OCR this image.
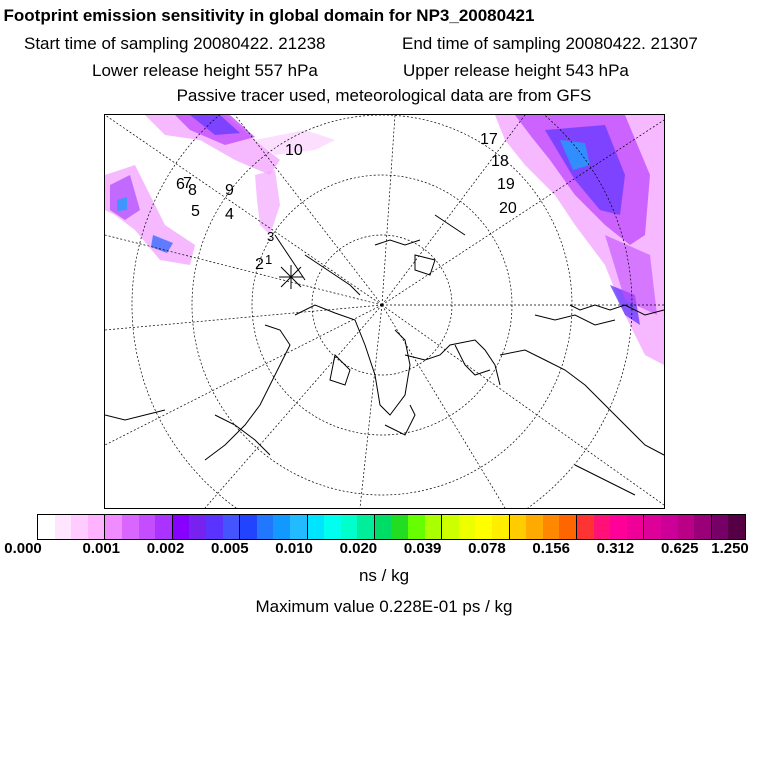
Footprint emission sensitivity in global domain for NP3_20080421
Start time of sampling 20080422. 21238	End time of sampling 20080422. 21307
Lower release height 557 hPa	Upper release height 543 hPa
Passive tracer used, meteorological data are from GFS
10
6
7
8 9
5 4
3
2 1
17
18
19
20
0.000	0.001 0.002 0.005 0.010 0.020 0.039 0.078 0.156 0.312 0.625 1.250
ns / kg
Maximum value 0.228E-01 ps / kg
